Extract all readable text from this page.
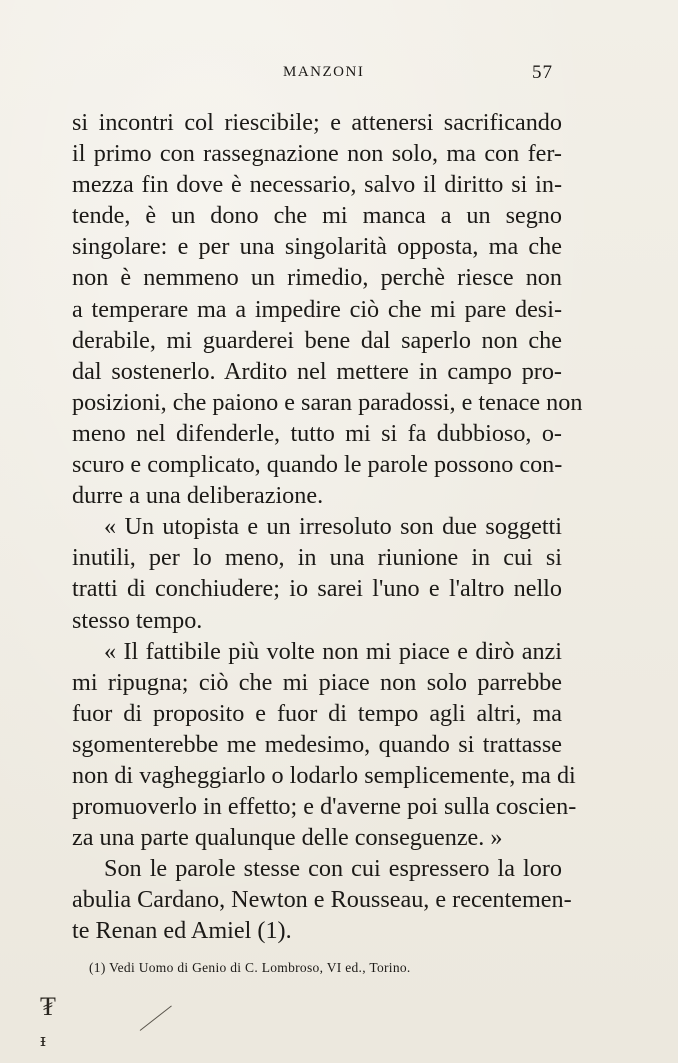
MANZONI	57
si incontri col riescibile; e attenersi sacrificando
il primo con rassegnazione non solo, ma con fer-
mezza fin dove è necessario, salvo il diritto si in-
tende, è un dono che mi manca a un segno
singolare: e per una singolarità opposta, ma che
non è nemmeno un rimedio, perchè riesce non
a temperare ma a impedire ciò che mi pare desi-
derabile, mi guarderei bene dal saperlo non che
dal sostenerlo. Ardito nel mettere in campo pro-
posizioni, che paiono e saran paradossi, e tenace non
meno nel difenderle, tutto mi si fa dubbioso, o-
scuro e complicato, quando le parole possono con-
durre a una deliberazione.
« Un utopista e un irresoluto son due soggetti
inutili, per lo meno, in una riunione in cui si
tratti di conchiudere; io sarei l'uno e l'altro nello
stesso tempo.
« Il fattibile più volte non mi piace e dirò anzi
mi ripugna; ciò che mi piace non solo parrebbe
fuor di proposito e fuor di tempo agli altri, ma
sgomenterebbe me medesimo, quando si trattasse
non di vagheggiarlo o lodarlo semplicemente, ma di
promuoverlo in effetto; e d'averne poi sulla coscien-
za una parte qualunque delle conseguenze. »
Son le parole stesse con cui espressero la loro
abulia Cardano, Newton e Rousseau, e recentemen-
te Renan ed Amiel (1).
(1) Vedi Uomo di Genio di C. Lombroso, VI ed., Torino.
₮
ᵻ
